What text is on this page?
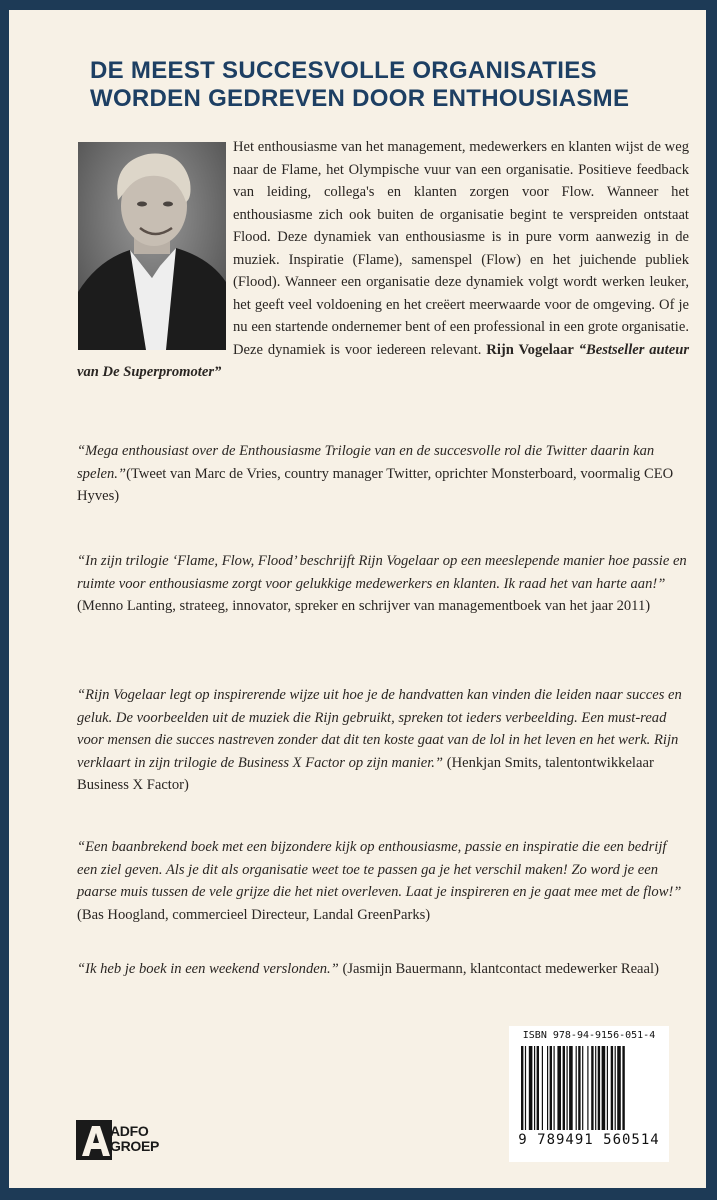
DE MEEST SUCCESVOLLE ORGANISATIES
WORDEN GEDREVEN DOOR ENTHOUSIASME

Het enthousiasme van het management, medewerkers en klanten wijst de weg naar de Flame, het Olympische vuur van een organisatie. Positieve feedback van leiding, collega's en klanten zorgen voor Flow. Wanneer het enthousiasme zich ook buiten de organisatie begint te verspreiden ontstaat Flood. Deze dynamiek van enthousiasme is in pure vorm aanwezig in de muziek. Inspiratie (Flame), samenspel (Flow) en het juichende publiek (Flood). Wanneer een organisatie deze dynamiek volgt wordt werken leuker, het geeft veel voldoening en het creëert meerwaarde voor de omgeving. Of je nu een startende ondernemer bent of een professional in een grote organisatie. Deze dynamiek is voor iedereen relevant. Rijn Vogelaar “Bestseller auteur van De Superpromoter”

“Mega enthousiast over de Enthousiasme Trilogie van en de succesvolle rol die Twitter daarin kan spelen.”(Tweet van Marc de Vries, country manager Twitter, oprichter Monsterboard, voormalig CEO Hyves)

“In zijn trilogie ‘Flame, Flow, Flood’ beschrijft Rijn Vogelaar op een meeslepende manier hoe passie en ruimte voor enthousiasme zorgt voor gelukkige medewerkers en klanten. Ik raad het van harte aan!” (Menno Lanting, strateeg, innovator, spreker en schrijver van managementboek van het jaar 2011)

“Rijn Vogelaar legt op inspirerende wijze uit hoe je de handvatten kan vinden die leiden naar succes en geluk. De voorbeelden uit de muziek die Rijn gebruikt, spreken tot ieders verbeelding. Een must-read voor mensen die succes nastreven zonder dat dit ten koste gaat van de lol in het leven en het werk. Rijn verklaart in zijn trilogie de Business X Factor op zijn manier.” (Henkjan Smits, talentontwikkelaar Business X Factor)

“Een baanbrekend boek met een bijzondere kijk op enthousiasme, passie en inspiratie die een bedrijf een ziel geven. Als je dit als organisatie weet toe te passen ga je het verschil maken! Zo word je een paarse muis tussen de vele grijze die het niet overleven. Laat je inspireren en je gaat mee met de flow!” (Bas Hoogland, commercieel Directeur, Landal GreenParks)

“Ik heb je boek in een weekend verslonden.” (Jasmijn Bauermann, klantcontact medewerker Reaal)

ISBN 978-94-9156-051-4
9 789491 560514
ADFO
GROEP
